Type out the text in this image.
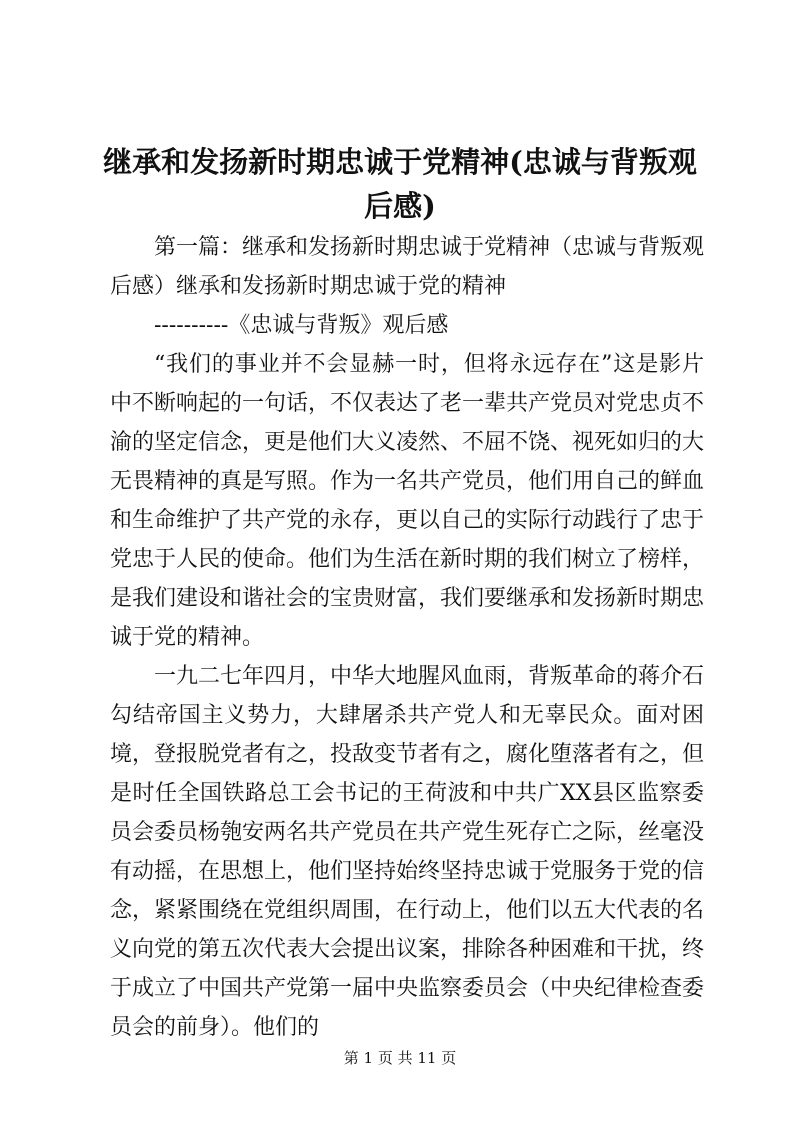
继承和发扬新时期忠诚于党精神(忠诚与背叛观后感)

第一篇：继承和发扬新时期忠诚于党精神（忠诚与背叛观后感）继承和发扬新时期忠诚于党的精神

----------《忠诚与背叛》观后感

“我们的事业并不会显赫一时，但将永远存在”这是影片中不断响起的一句话，不仅表达了老一辈共产党员对党忠贞不渝的坚定信念，更是他们大义凌然、不屈不饶、视死如归的大无畏精神的真是写照。作为一名共产党员，他们用自己的鲜血和生命维护了共产党的永存，更以自己的实际行动践行了忠于党忠于人民的使命。他们为生活在新时期的我们树立了榜样，是我们建设和谐社会的宝贵财富，我们要继承和发扬新时期忠诚于党的精神。

一九二七年四月，中华大地腥风血雨，背叛革命的蒋介石勾结帝国主义势力，大肆屠杀共产党人和无辜民众。面对困境，登报脱党者有之，投敌变节者有之，腐化堕落者有之，但是时任全国铁路总工会书记的王荷波和中共广XX县区监察委员会委员杨匏安两名共产党员在共产党生死存亡之际，丝毫没有动摇，在思想上，他们坚持始终坚持忠诚于党服务于党的信念，紧紧围绕在党组织周围，在行动上，他们以五大代表的名义向党的第五次代表大会提出议案，排除各种困难和干扰，终于成立了中国共产党第一届中央监察委员会（中央纪律检查委员会的前身）。他们的

第 1 页 共 11 页
